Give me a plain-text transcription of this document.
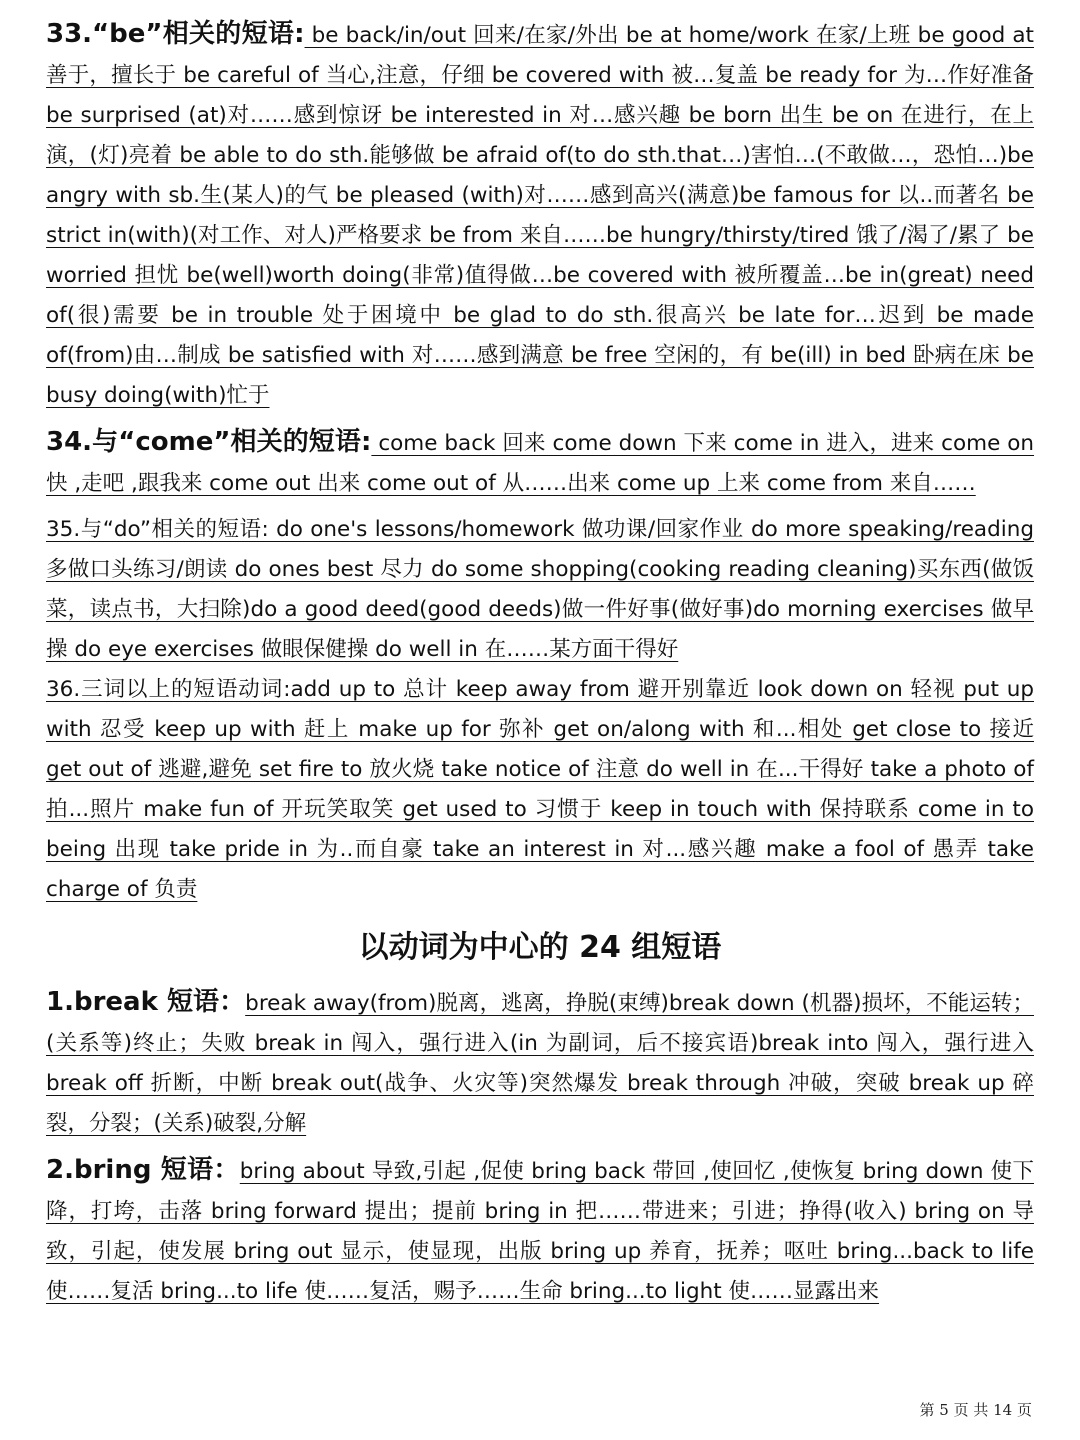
33.“be”相关的短语: be back/in/out 回来/在家/外出 be at home/work 在家/上班 be good at 善于，擅长于 be careful of 当心,注意，仔细 be covered with 被…复盖 be ready for 为…作好准备 be surprised (at)对……感到惊讶 be interested in 对…感兴趣 be born 出生 be on 在进行，在上演，(灯)亮着 be able to do sth.能够做 be afraid of(to do sth.that…)害怕…(不敢做…，恐怕…)be angry with sb.生(某人)的气 be pleased (with)对……感到高兴(满意)be famous for 以..而著名 be strict in(with)(对工作、对人)严格要求 be from 来自……be hungry/thirsty/tired 饿了/渴了/累了 be worried 担忧 be(well)worth doing(非常)值得做…be covered with 被所覆盖…be in(great) need of(很)需要 be in trouble 处于困境中 be glad to do sth.很高兴 be late for…迟到 be made of(from)由…制成 be satisfied with 对……感到满意 be free 空闲的，有 be(ill) in bed 卧病在床 be busy doing(with)忙于

34.与“come”相关的短语: come back 回来 come down 下来 come in 进入，进来 come on 快 ,走吧 ,跟我来 come out 出来 come out of 从……出来 come up 上来 come from 来自……

35.与“do”相关的短语: do one's lessons/homework 做功课/回家作业 do more speaking/reading 多做口头练习/朗读 do ones best 尽力 do some shopping(cooking reading cleaning)买东西(做饭菜，读点书，大扫除)do a good deed(good deeds)做一件好事(做好事)do morning exercises 做早操 do eye exercises 做眼保健操 do well in 在……某方面干得好

36.三词以上的短语动词:add up to 总计 keep away from 避开别靠近 look down on 轻视 put up with 忍受 keep up with 赶上 make up for 弥补 get on/along with 和...相处 get close to 接近 get out of 逃避,避免 set fire to 放火烧 take notice of 注意 do well in 在...干得好 take a photo of 拍...照片 make fun of 开玩笑取笑 get used to 习惯于 keep in touch with 保持联系 come in to being 出现 take pride in 为..而自豪 take an interest in 对...感兴趣 make a fool of 愚弄 take charge of 负责

以动词为中心的 24 组短语

1.break 短语：break away(from)脱离，逃离，挣脱(束缚)break down (机器)损坏，不能运转；(关系等)终止；失败 break in 闯入，强行进入(in 为副词，后不接宾语)break into 闯入，强行进入 break off 折断，中断 break out(战争、火灾等)突然爆发 break through 冲破，突破 break up 碎裂，分裂；(关系)破裂,分解

2.bring 短语：bring about 导致,引起 ,促使 bring back 带回 ,使回忆 ,使恢复 bring down 使下降，打垮，击落 bring forward 提出；提前 bring in 把……带进来；引进；挣得(收入) bring on 导致，引起，使发展 bring out 显示，使显现，出版 bring up 养育，抚养；呕吐 bring...back to life 使……复活 bring...to life 使……复活，赐予……生命 bring...to light 使……显露出来

第 5 页 共 14 页
